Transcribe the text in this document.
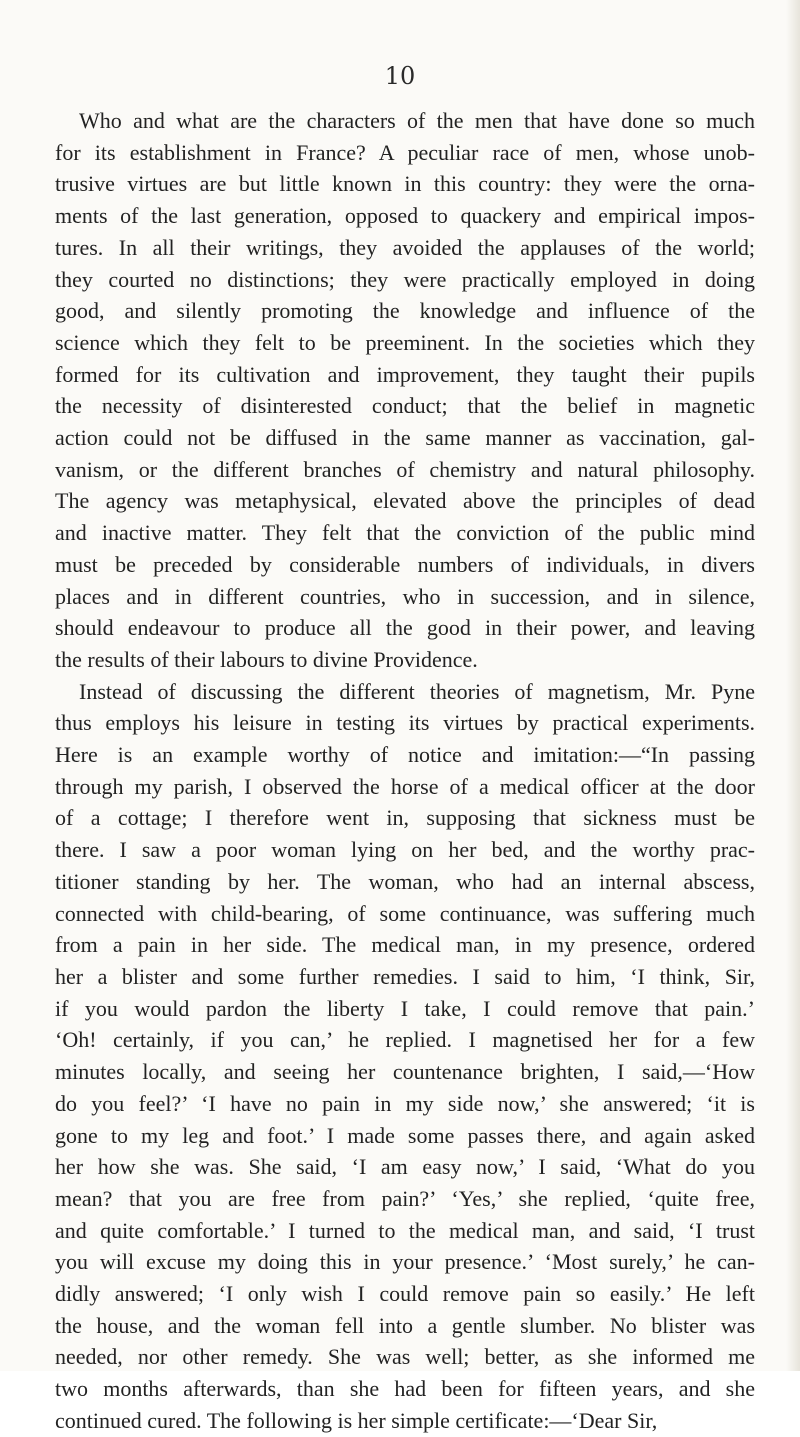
10
Who and what are the characters of the men that have done so much
for its establishment in France? A peculiar race of men, whose unob-
trusive virtues are but little known in this country: they were the orna-
ments of the last generation, opposed to quackery and empirical impos-
tures. In all their writings, they avoided the applauses of the world;
they courted no distinctions; they were practically employed in doing
good, and silently promoting the knowledge and influence of the
science which they felt to be preeminent. In the societies which they
formed for its cultivation and improvement, they taught their pupils
the necessity of disinterested conduct; that the belief in magnetic
action could not be diffused in the same manner as vaccination, gal-
vanism, or the different branches of chemistry and natural philosophy.
The agency was metaphysical, elevated above the principles of dead
and inactive matter. They felt that the conviction of the public mind
must be preceded by considerable numbers of individuals, in divers
places and in different countries, who in succession, and in silence,
should endeavour to produce all the good in their power, and leaving
the results of their labours to divine Providence.
Instead of discussing the different theories of magnetism, Mr. Pyne
thus employs his leisure in testing its virtues by practical experiments.
Here is an example worthy of notice and imitation:—“In passing
through my parish, I observed the horse of a medical officer at the door
of a cottage; I therefore went in, supposing that sickness must be
there. I saw a poor woman lying on her bed, and the worthy prac-
titioner standing by her. The woman, who had an internal abscess,
connected with child-bearing, of some continuance, was suffering much
from a pain in her side. The medical man, in my presence, ordered
her a blister and some further remedies. I said to him, ‘I think, Sir,
if you would pardon the liberty I take, I could remove that pain.’
‘Oh! certainly, if you can,’ he replied. I magnetised her for a few
minutes locally, and seeing her countenance brighten, I said,—‘How
do you feel?’ ‘I have no pain in my side now,’ she answered; ‘it is
gone to my leg and foot.’ I made some passes there, and again asked
her how she was. She said, ‘I am easy now,’ I said, ‘What do you
mean? that you are free from pain?’ ‘Yes,’ she replied, ‘quite free,
and quite comfortable.’ I turned to the medical man, and said, ‘I trust
you will excuse my doing this in your presence.’ ‘Most surely,’ he can-
didly answered; ‘I only wish I could remove pain so easily.’ He left
the house, and the woman fell into a gentle slumber. No blister was
needed, nor other remedy. She was well; better, as she informed me
two months afterwards, than she had been for fifteen years, and she
continued cured. The following is her simple certificate:—‘Dear Sir,
